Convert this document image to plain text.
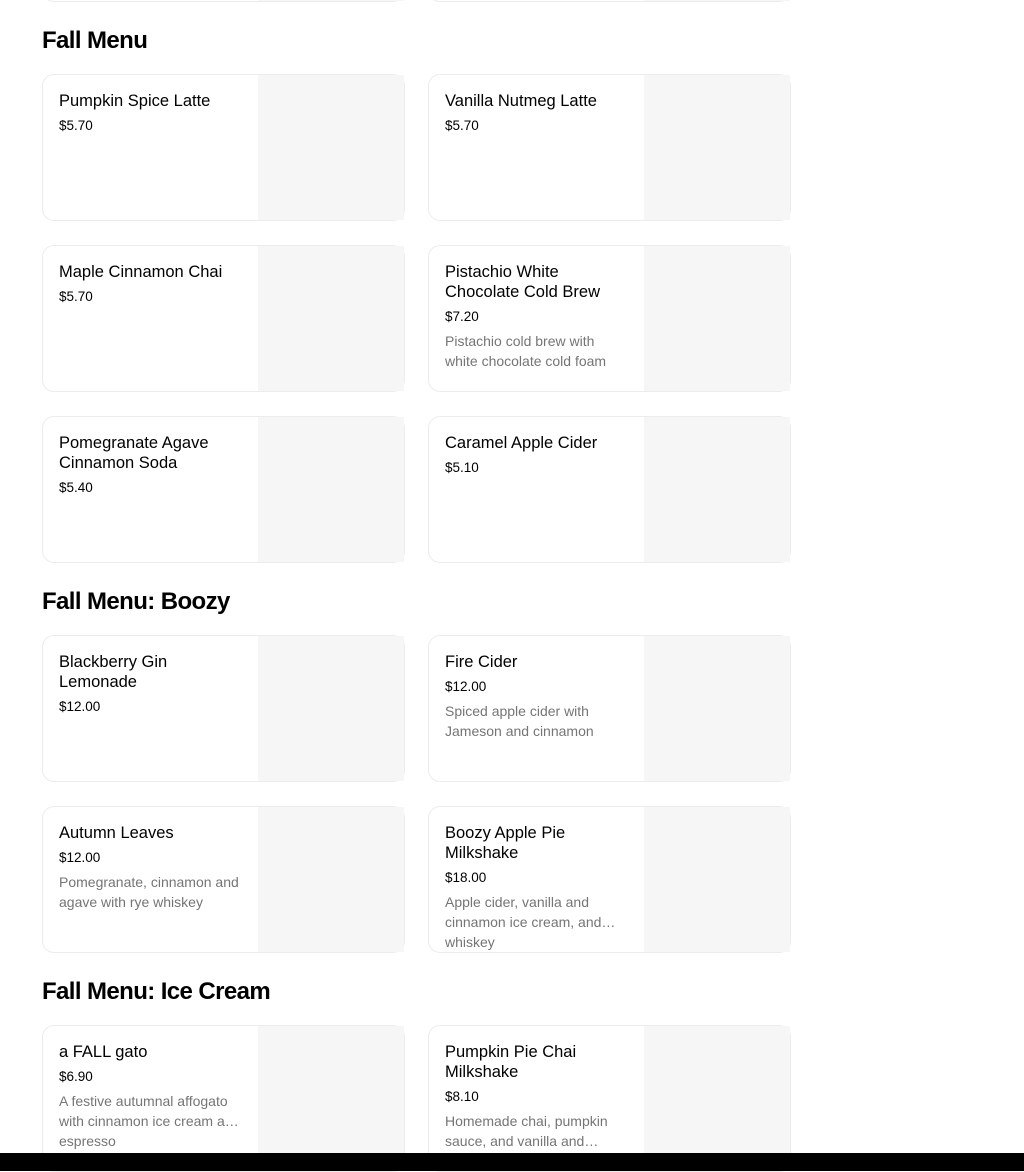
Fall Menu
Pumpkin Spice Latte
$5.70
Vanilla Nutmeg Latte
$5.70
Maple Cinnamon Chai
$5.70
Pistachio White Chocolate Cold Brew
$7.20
Pistachio cold brew with white chocolate cold foam
Pomegranate Agave Cinnamon Soda
$5.40
Caramel Apple Cider
$5.10
Fall Menu: Boozy
Blackberry Gin Lemonade
$12.00
Fire Cider
$12.00
Spiced apple cider with Jameson and cinnamon
Autumn Leaves
$12.00
Pomegranate, cinnamon and agave with rye whiskey
Boozy Apple Pie Milkshake
$18.00
Apple cider, vanilla and cinnamon ice cream, and whiskey
Fall Menu: Ice Cream
a FALL gato
$6.90
A festive autumnal affogato with cinnamon ice cream and espresso
Pumpkin Pie Chai Milkshake
$8.10
Homemade chai, pumpkin sauce, and vanilla and
